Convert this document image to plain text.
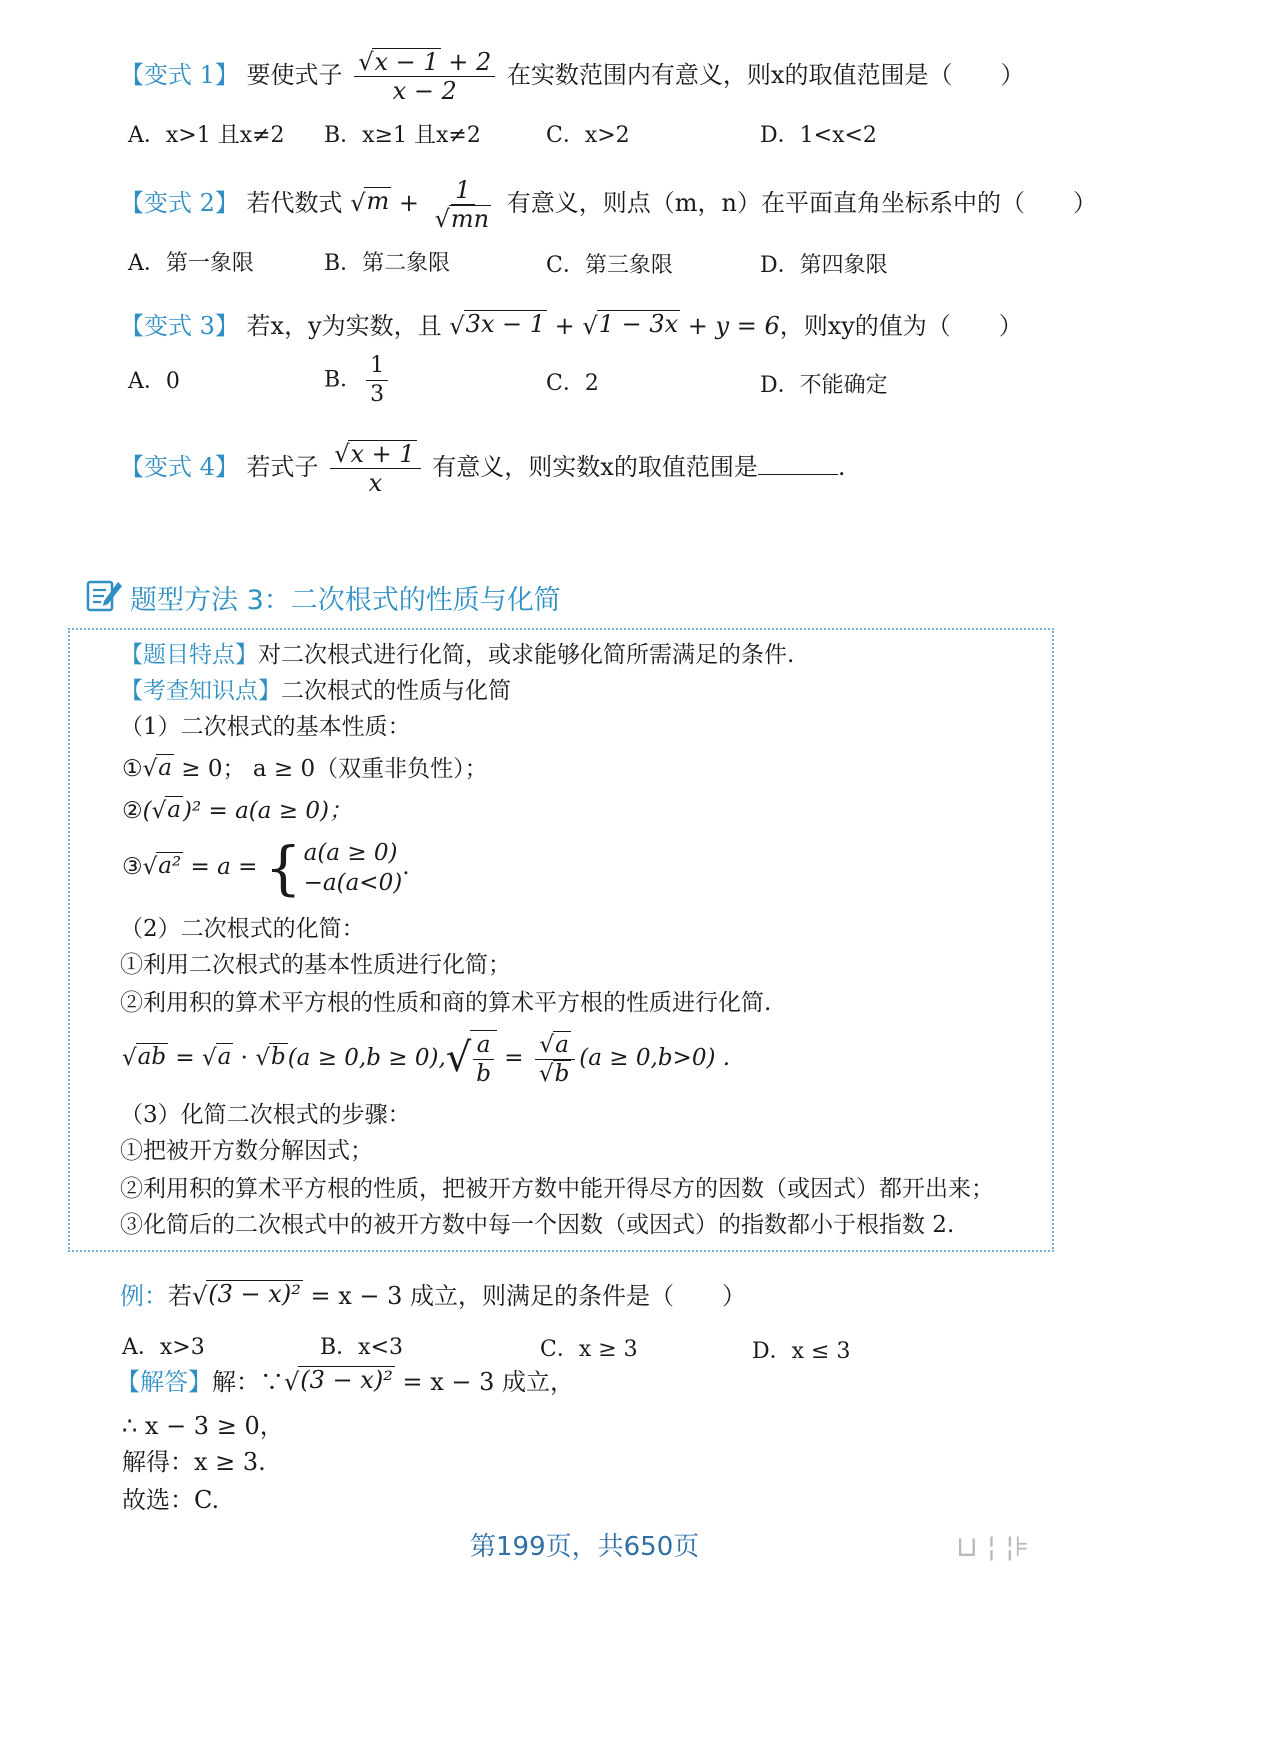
【变式 1】 要使式子 $\frac{√ x - 1 + 2}{x - 2}$ 在实数范围内有意义，则x的取值范围是（　　）
A．x>1 且x≠2 B．x≥1 且x≠2	C．x>2	D．1<x<2
【变式 2】 若代数式 √ $m + \frac{1}{√ mn}$ 有意义，则点（m，n）在平面直角坐标系中的（　　）
A．第一象限	B．第二象限	C．第三象限	D．第四象限
【变式 3】 若x，y为实数，且 √ 3x − 1 + √ 1 − 3x + y = 6，则xy的值为（　　）
A．0	B． $\frac{1}{3}$	C．2	D．不能确定
【变式 4】 若式子 $\frac{√ x + 1}{x}$ 有意义，则实数x的取值范围是	.
题型方法 3：二次根式的性质与化简
【题目特点】对二次根式进行化简，或求能够化简所需满足的条件.
【考查知识点】二次根式的性质与化简
（1）二次根式的基本性质：
① √ a ≥ 0； a ≥ 0（双重非负性）；
②( √ a )² = a(a ≥ 0)；
③ √ a² = a = { a(a ≥ 0)
−a(a<0)
.
（2）二次根式的化简：
①利用二次根式的基本性质进行化简；
②利用积的算术平方根的性质和商的算术平方根的性质进行化简.
√ ab = √ a · √ b (a ≥ 0,b ≥ 0), √ $\frac{a}{b} = \frac{√ a}{√ b} (a \ge 0,b>0)$ .
（3）化简二次根式的步骤：
①把被开方数分解因式；
②利用积的算术平方根的性质，把被开方数中能开得尽方的因数（或因式）都开出来；
③化简后的二次根式中的被开方数中每一个因数（或因式）的指数都小于根指数 2.
例：若 √ (3 − x)² = x − 3 成立，则满足的条件是（　　）
A．x>3	B．x<3	C．x ≥ 3	D．x ≤ 3
【解答】解：∵ √ (3 − x)² = x − 3 成立，
∴ x − 3 ≥ 0，
解得：x ≥ 3.
故选：C.
第199页，共650页	⊔ ¦ ¦⊧
